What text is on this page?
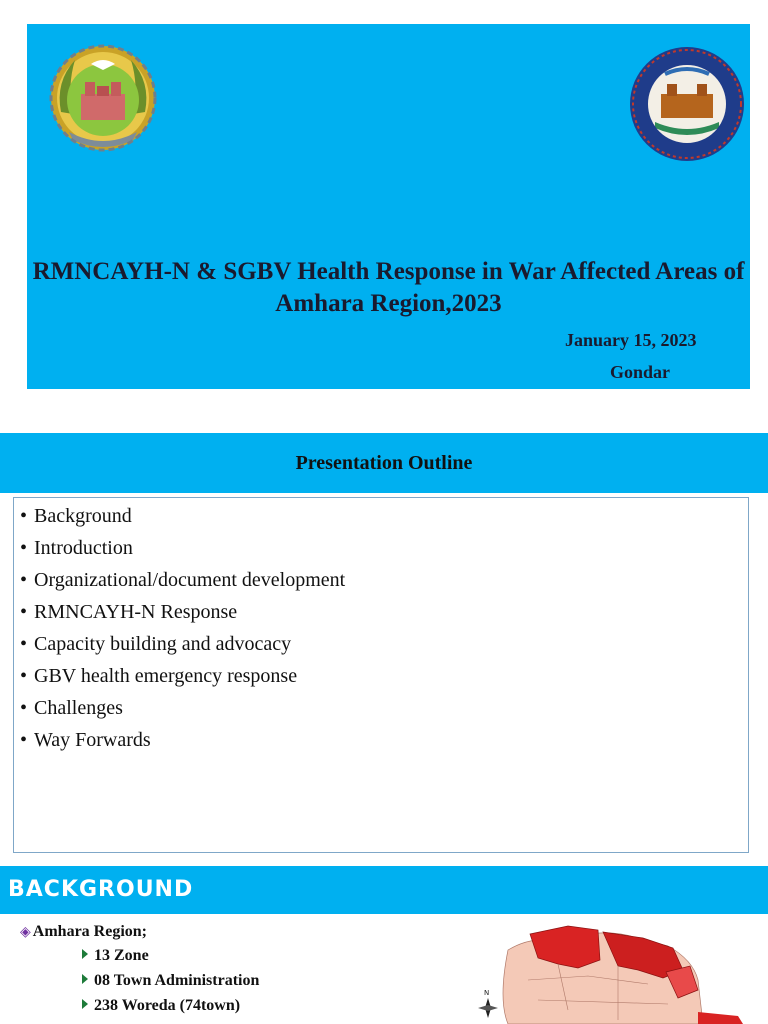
RMNCAYH-N & SGBV Health Response in War Affected Areas of Amhara Region,2023
January 15, 2023
Gondar
Presentation Outline
• Background
• Introduction
• Organizational/document development
• RMNCAYH-N Response
• Capacity building and advocacy
• GBV health emergency response
• Challenges
• Way Forwards
BACKGROUND
◈ Amhara Region;
13 Zone
08 Town Administration
238 Woreda (74town)
N
